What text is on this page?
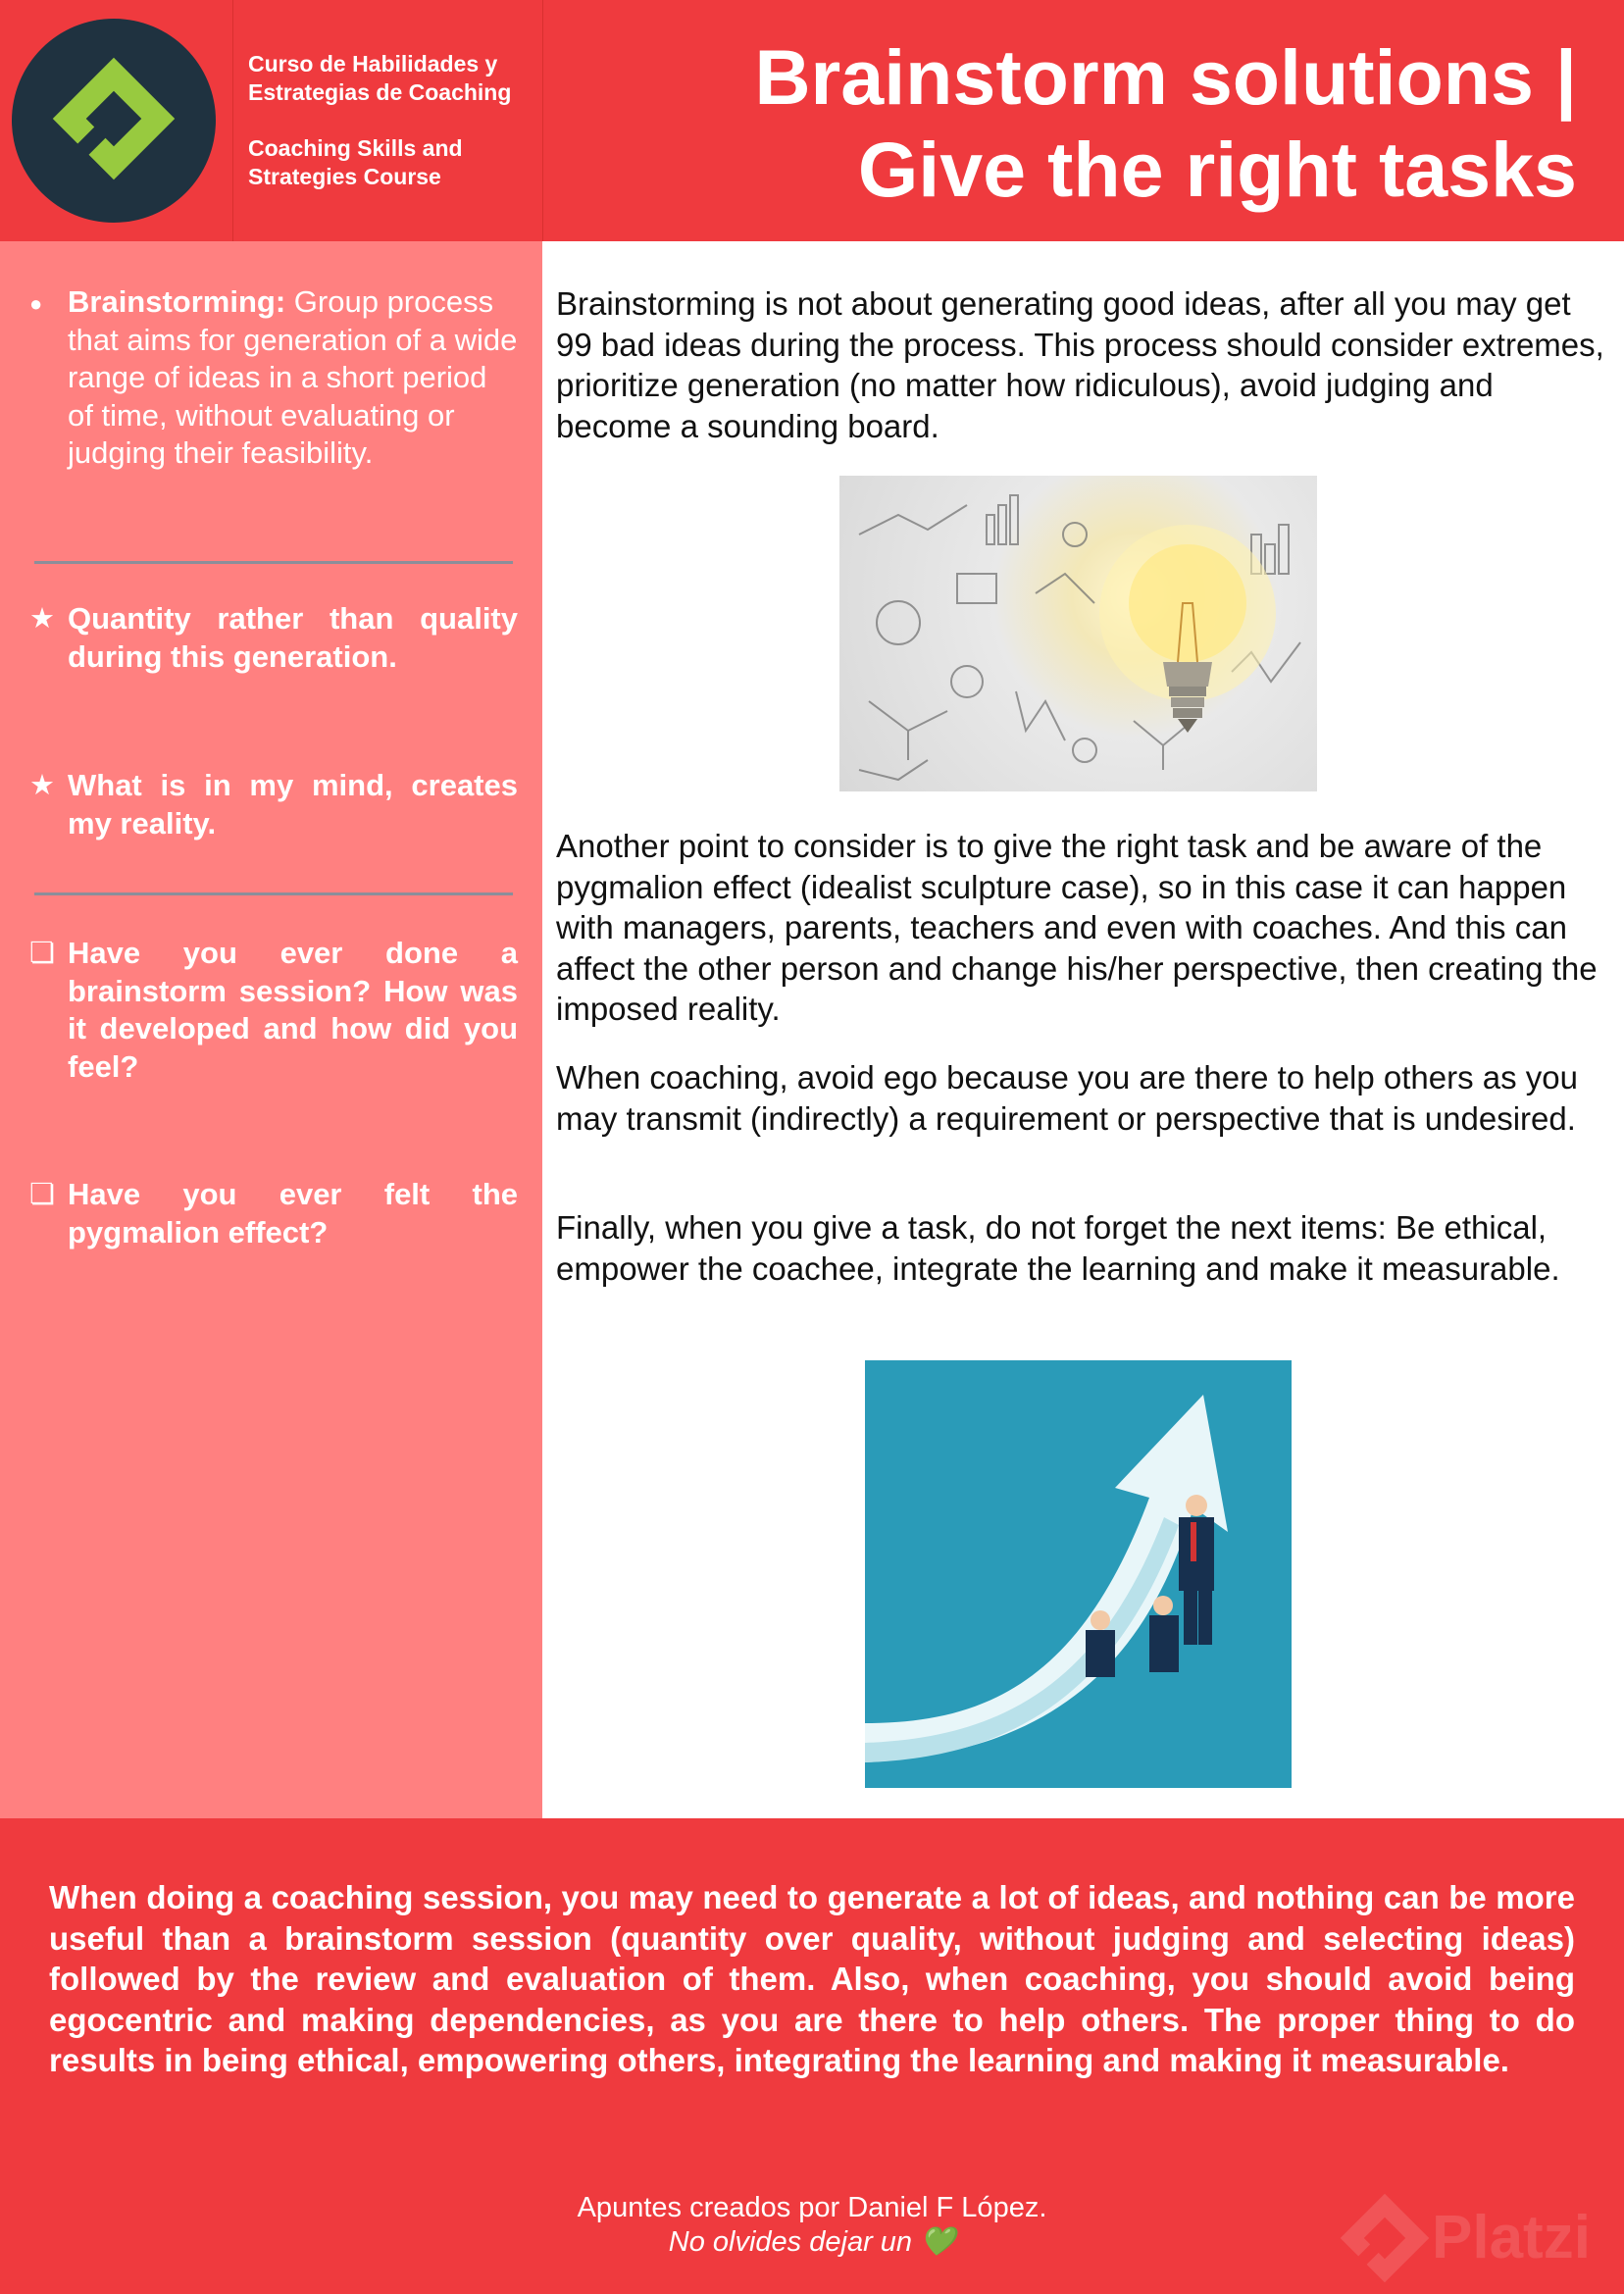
Curso de Habilidades y
Estrategias de Coaching
Coaching Skills and
Strategies Course
Brainstorm solutions |
Give the right tasks
● Brainstorming: Group process that aims for generation of a wide range of ideas in a short period of time, without evaluating or judging their feasibility.
★ Quantity rather than quality during this generation.
★ What is in my mind, creates my reality.
❏ Have you ever done a brainstorm session? How was it developed and how did you feel?
❏ Have you ever felt the pygmalion effect?
Brainstorming is not about generating good ideas, after all you may get 99 bad ideas during the process. This process should consider extremes, prioritize generation (no matter how ridiculous), avoid judging and become a sounding board.
Another point to consider is to give the right task and be aware of the pygmalion effect (idealist sculpture case), so in this case it can happen with managers, parents, teachers and even with coaches. And this can affect the other person and change his/her perspective, then creating the imposed reality.
When coaching, avoid ego because you are there to help others as you may transmit (indirectly) a requirement or perspective that is undesired.
Finally, when you give a task, do not forget the next items: Be ethical, empower the coachee, integrate the learning and make it measurable.
When doing a coaching session, you may need to generate a lot of ideas, and nothing can be more useful than a brainstorm session (quantity over quality, without judging and selecting ideas) followed by the review and evaluation of them. Also, when coaching, you should avoid being egocentric and making dependencies, as you are there to help others. The proper thing to do results in being ethical, empowering others, integrating the learning and making it measurable.
Apuntes creados por Daniel F López.
No olvides dejar un 💚	Platzi
